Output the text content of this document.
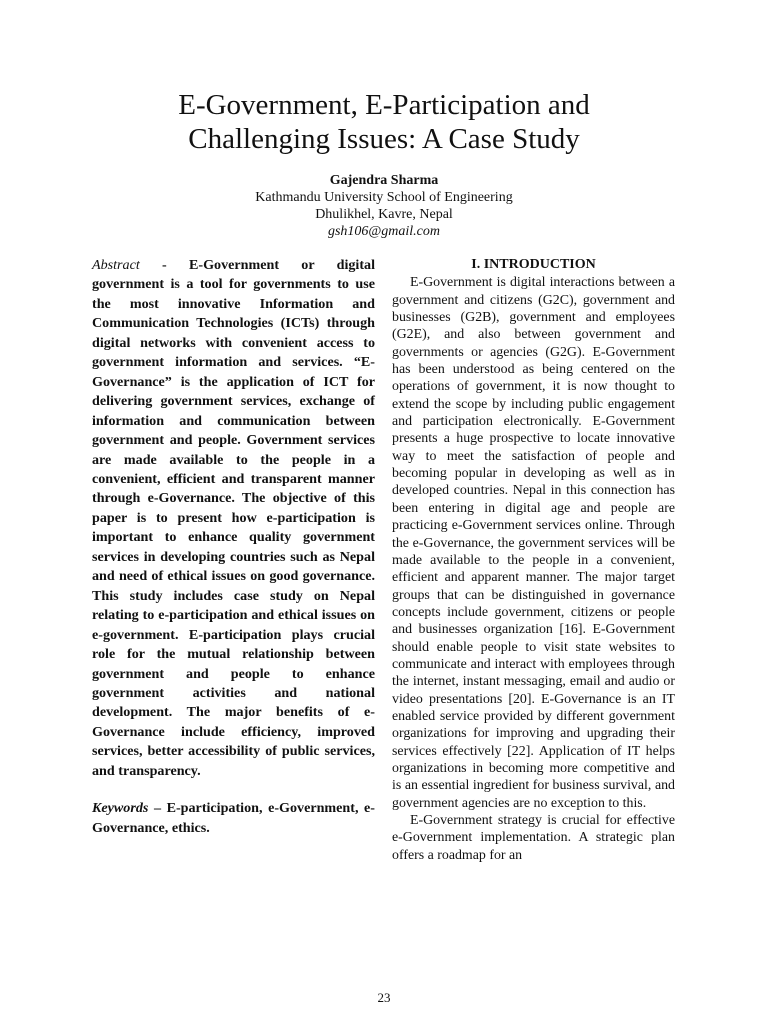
E-Government, E-Participation and
Challenging Issues: A Case Study
Gajendra Sharma
Kathmandu University School of Engineering
Dhulikhel, Kavre, Nepal
gsh106@gmail.com

Abstract - E-Government or digital government is a tool for governments to use the most innovative Information and Communication Technologies (ICTs) through digital networks with convenient access to government information and services. “E-Governance” is the application of ICT for delivering government services, exchange of information and communication between government and people. Government services are made available to the people in a convenient, efficient and transparent manner through e-Governance. The objective of this paper is to present how e-participation is important to enhance quality government services in developing countries such as Nepal and need of ethical issues on good governance. This study includes case study on Nepal relating to e-participation and ethical issues on e-government. E-participation plays crucial role for the mutual relationship between government and people to enhance government activities and national development. The major benefits of e-Governance include efficiency, improved services, better accessibility of public services, and transparency.

Keywords – E-participation, e-Government, e-Governance, ethics.

I. INTRODUCTION

E-Government is digital interactions between a government and citizens (G2C), government and businesses (G2B), government and employees (G2E), and also between government and governments or agencies (G2G). E-Government has been understood as being centered on the operations of government, it is now thought to extend the scope by including public engagement and participation electronically. E-Government presents a huge prospective to locate innovative way to meet the satisfaction of people and becoming popular in developing as well as in developed countries. Nepal in this connection has been entering in digital age and people are practicing e-Government services online. Through the e-Governance, the government services will be made available to the people in a convenient, efficient and apparent manner. The major target groups that can be distinguished in governance concepts include government, citizens or people and businesses organization [16]. E-Government should enable people to visit state websites to communicate and interact with employees through the internet, instant messaging, email and audio or video presentations [20]. E-Governance is an IT enabled service provided by different government organizations for improving and upgrading their services effectively [22]. Application of IT helps organizations in becoming more competitive and is an essential ingredient for business survival, and government agencies are no exception to this.

E-Government strategy is crucial for effective e-Government implementation. A strategic plan offers a roadmap for an

23
